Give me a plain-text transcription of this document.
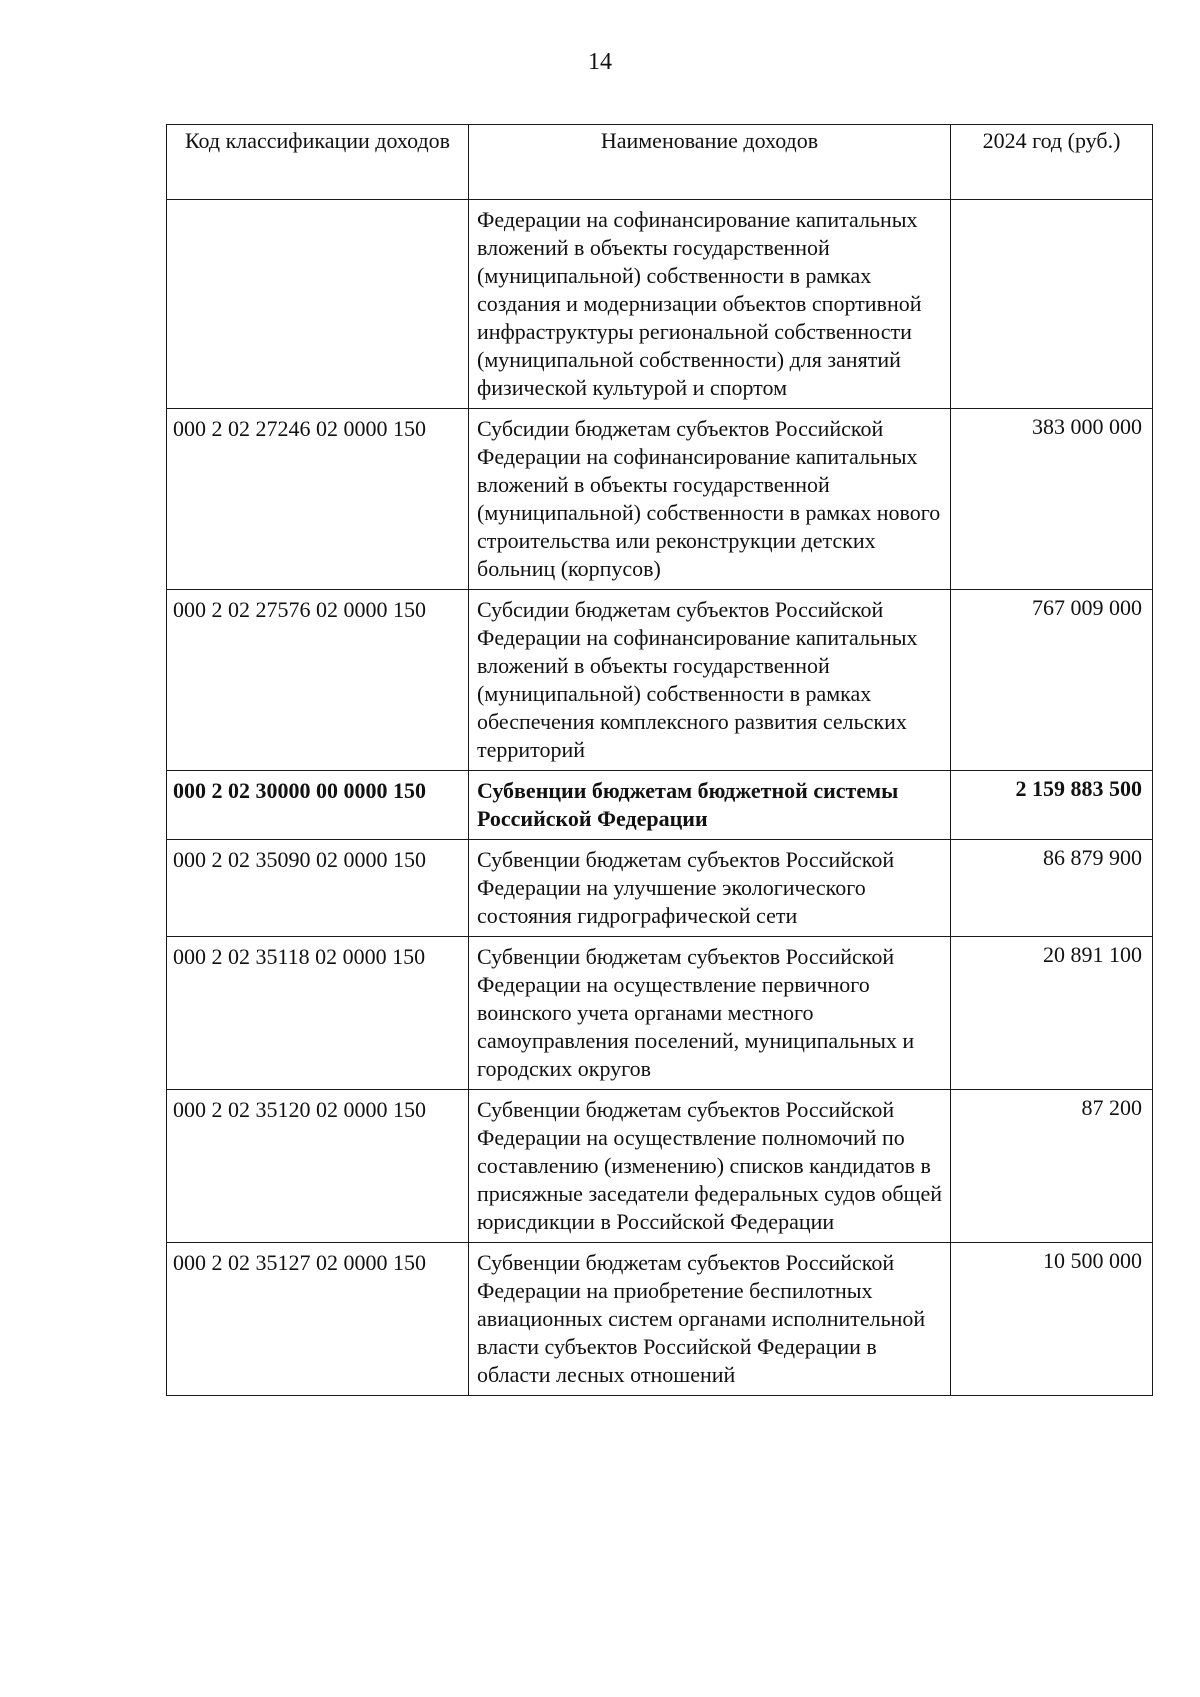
14
Код классификации доходов	Наименование доходов	2024 год (руб.)
	Федерации на софинансирование капитальных вложений в объекты государственной (муниципальной) собственности в рамках создания и модернизации объектов спортивной инфраструктуры региональной собственности (муниципальной собственности) для занятий физической культурой и спортом	
000 2 02 27246 02 0000 150	Субсидии бюджетам субъектов Российской Федерации на софинансирование капитальных вложений в объекты государственной (муниципальной) собственности в рамках нового строительства или реконструкции детских больниц (корпусов)	383 000 000
000 2 02 27576 02 0000 150	Субсидии бюджетам субъектов Российской Федерации на софинансирование капитальных вложений в объекты государственной (муниципальной) собственности в рамках обеспечения комплексного развития сельских территорий	767 009 000
000 2 02 30000 00 0000 150	Субвенции бюджетам бюджетной системы Российской Федерации	2 159 883 500
000 2 02 35090 02 0000 150	Субвенции бюджетам субъектов Российской Федерации на улучшение экологического состояния гидрографической сети	86 879 900
000 2 02 35118 02 0000 150	Субвенции бюджетам субъектов Российской Федерации на осуществление первичного воинского учета органами местного самоуправления поселений, муниципальных и городских округов	20 891 100
000 2 02 35120 02 0000 150	Субвенции бюджетам субъектов Российской Федерации на осуществление полномочий по составлению (изменению) списков кандидатов в присяжные заседатели федеральных судов общей юрисдикции в Российской Федерации	87 200
000 2 02 35127 02 0000 150	Субвенции бюджетам субъектов Российской Федерации на приобретение беспилотных авиационных систем органами исполнительной власти субъектов Российской Федерации в области лесных отношений	10 500 000
